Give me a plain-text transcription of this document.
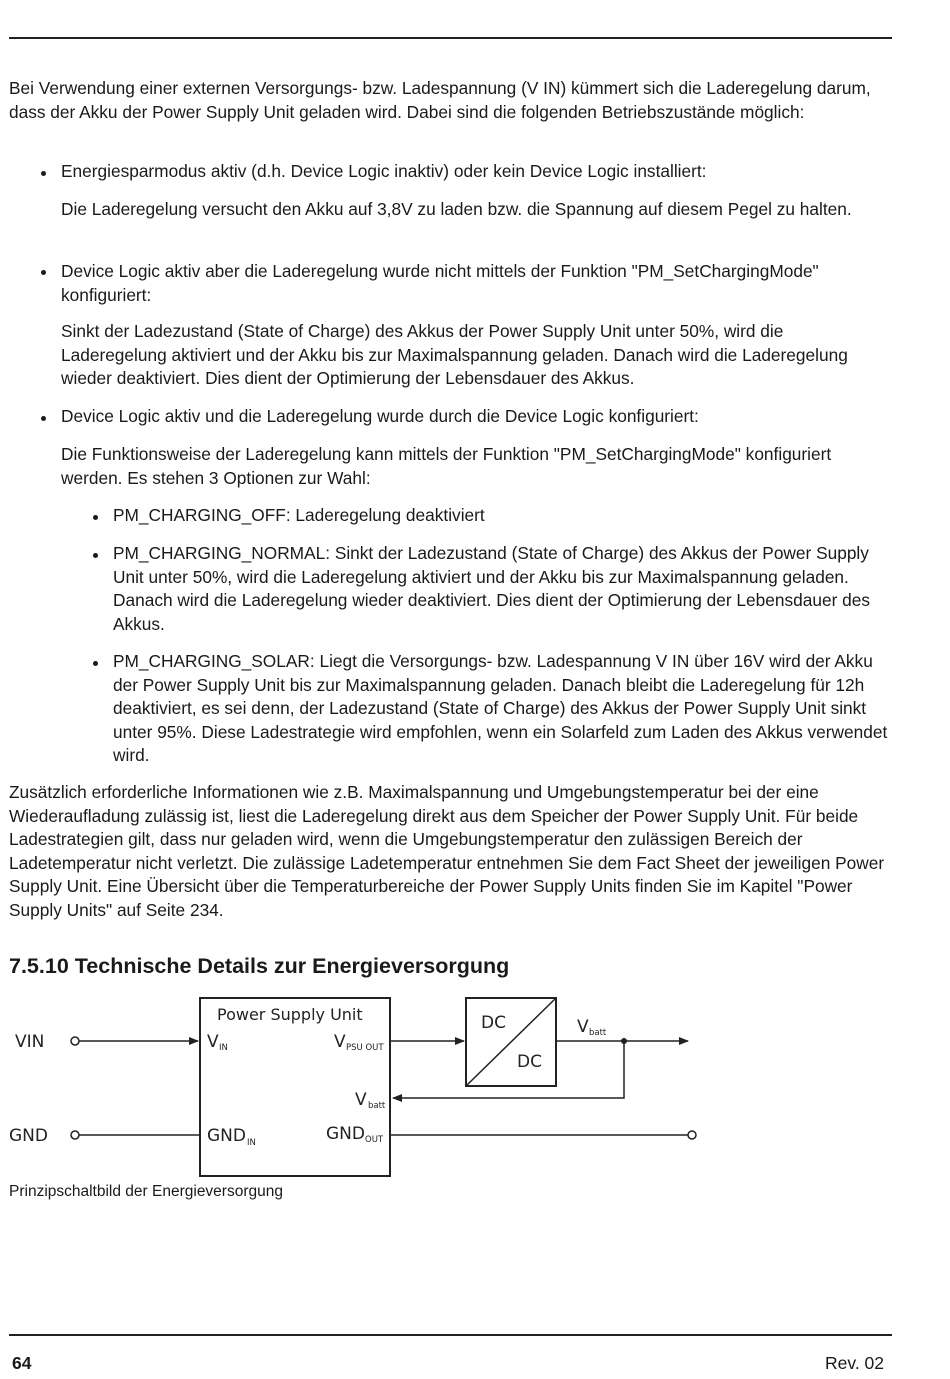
Bei Verwendung einer externen Versorgungs- bzw. Ladespannung (V IN) kümmert sich die Laderegelung darum, dass der Akku der Power Supply Unit geladen wird. Dabei sind die folgenden Betriebszustände möglich:

Energiesparmodus aktiv (d.h. Device Logic inaktiv) oder kein Device Logic installiert:

Die Laderegelung versucht den Akku auf 3,8V zu laden bzw. die Spannung auf diesem Pegel zu halten.

Device Logic aktiv aber die Laderegelung wurde nicht mittels der Funktion "PM_SetChargingMode" konfiguriert:

Sinkt der Ladezustand (State of Charge) des Akkus der Power Supply Unit unter 50%, wird die Laderegelung aktiviert und der Akku bis zur Maximalspannung geladen. Danach wird die Laderegelung wieder deaktiviert. Dies dient der Optimierung der Lebensdauer des Akkus.

Device Logic aktiv und die Laderegelung wurde durch die Device Logic konfiguriert:

Die Funktionsweise der Laderegelung kann mittels der Funktion "PM_SetChargingMode" konfiguriert werden. Es stehen 3 Optionen zur Wahl:

PM_CHARGING_OFF: Laderegelung deaktiviert

PM_CHARGING_NORMAL: Sinkt der Ladezustand (State of Charge) des Akkus der Power Supply Unit unter 50%, wird die Laderegelung aktiviert und der Akku bis zur Maximalspannung geladen. Danach wird die Laderegelung wieder deaktiviert. Dies dient der Optimierung der Lebensdauer des Akkus.

PM_CHARGING_SOLAR: Liegt die Versorgungs- bzw. Ladespannung V IN über 16V wird der Akku der Power Supply Unit bis zur Maximalspannung geladen. Danach bleibt die Laderegelung für 12h deaktiviert, es sei denn, der Ladezustand (State of Charge) des Akkus der Power Supply Unit sinkt unter 95%. Diese Ladestrategie wird empfohlen, wenn ein Solarfeld zum Laden des Akkus verwendet wird.

Zusätzlich erforderliche Informationen wie z.B. Maximalspannung und Umgebungstemperatur bei der eine Wiederaufladung zulässig ist, liest die Laderegelung direkt aus dem Speicher der Power Supply Unit. Für beide Ladestrategien gilt, dass nur geladen wird, wenn die Umgebungstemperatur den zulässigen Bereich der Ladetemperatur nicht verletzt. Die zulässige Ladetemperatur entnehmen Sie dem Fact Sheet der jeweiligen Power Supply Unit. Eine Übersicht über die Temperaturbereiche der Power Supply Units finden Sie im Kapitel "Power Supply Units" auf Seite 234.

7.5.10 Technische Details zur Energieversorgung
VIN
GND
Power Supply Unit
V IN	V PSU OUT
V batt
GND IN	GND OUT
DC
DC
V batt

Prinzipschaltbild der Energieversorgung

64	Rev. 02
